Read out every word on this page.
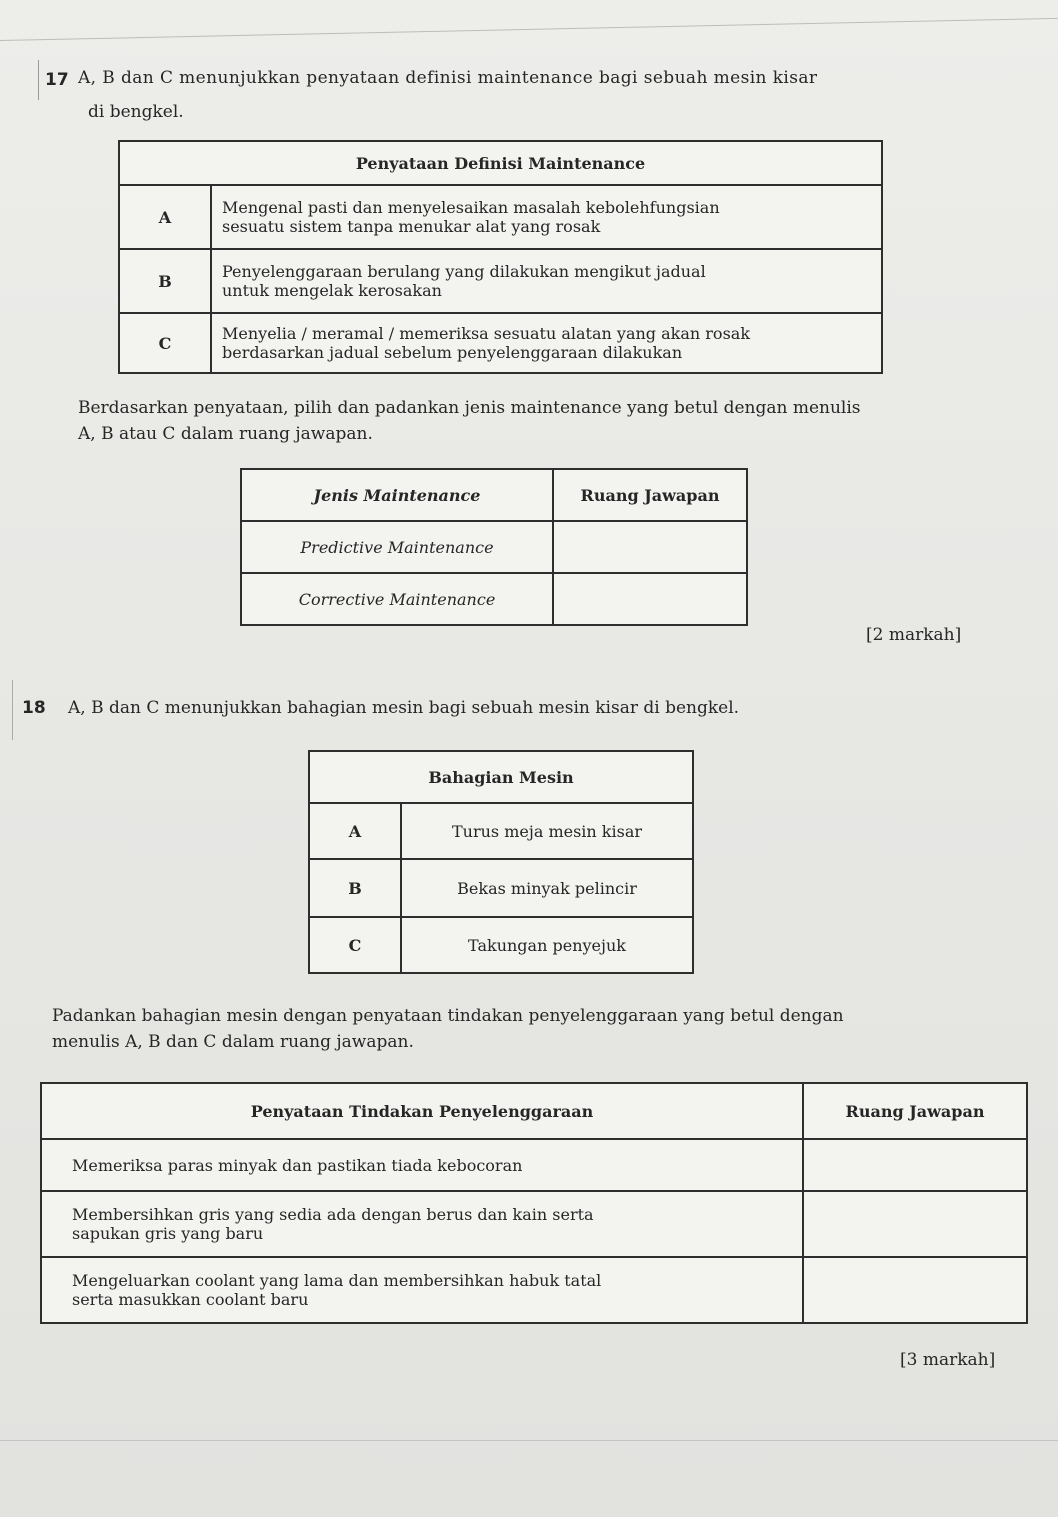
17 A, B dan C menunjukkan penyataan definisi maintenance bagi sebuah mesin kisar
di bengkel.
Penyataan Definisi Maintenance	
A	Mengenal pasti dan menyelesaikan masalah kebolehfungsian
sesuatu sistem tanpa menukar alat yang rosak
B	Penyelenggaraan berulang yang dilakukan mengikut jadual
untuk mengelak kerosakan
C	Menyelia / meramal / memeriksa sesuatu alatan yang akan rosak
berdasarkan jadual sebelum penyelenggaraan dilakukan
Berdasarkan penyataan, pilih dan padankan jenis maintenance yang betul dengan menulis
A, B atau C dalam ruang jawapan.
Jenis Maintenance	Ruang Jawapan
Predictive Maintenance	
Corrective Maintenance	
[2 markah]
18 A, B dan C menunjukkan bahagian mesin bagi sebuah mesin kisar di bengkel.
Bahagian Mesin	
A	Turus meja mesin kisar
B	Bekas minyak pelincir
C	Takungan penyejuk
Padankan bahagian mesin dengan penyataan tindakan penyelenggaraan yang betul dengan
menulis A, B dan C dalam ruang jawapan.
Penyataan Tindakan Penyelenggaraan	Ruang Jawapan
Memeriksa paras minyak dan pastikan tiada kebocoran	
Membersihkan gris yang sedia ada dengan berus dan kain serta
sapukan gris yang baru	
Mengeluarkan coolant yang lama dan membersihkan habuk tatal
serta masukkan coolant baru	
[3 markah]
